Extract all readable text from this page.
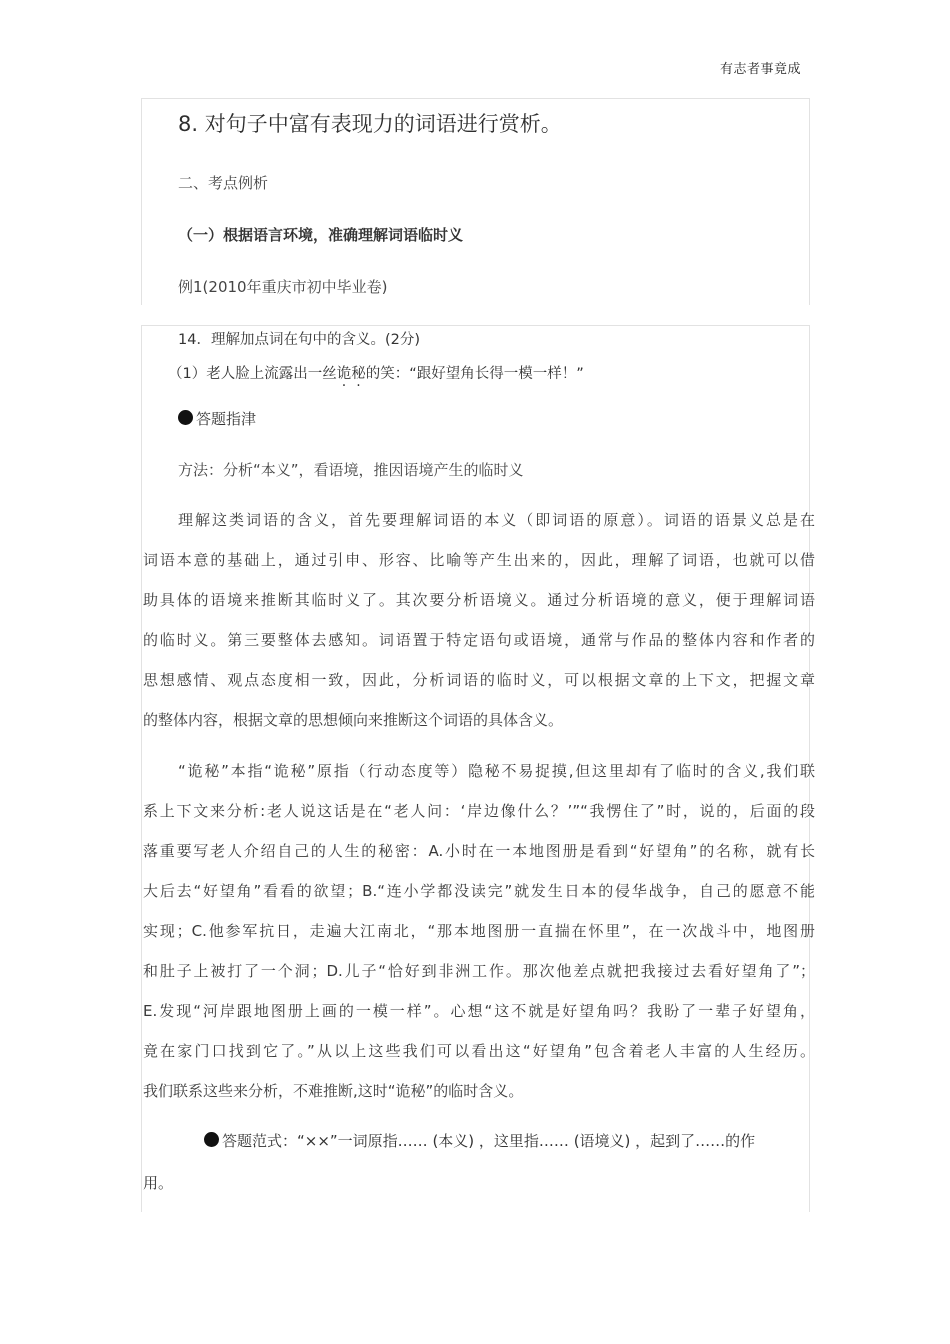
有志者事竟成
8. 对句子中富有表现力的词语进行赏析。
二、考点例析
（一）根据语言环境，准确理解词语临时义
例1(2010年重庆市初中毕业卷)
14．理解加点词在句中的含义。(2分)
（1）老人脸上流露出一丝诡秘的笑：“跟好望角长得一模一样！”
答题指津
方法：分析“本义”，看语境，推因语境产生的临时义
理解这类词语的含义，首先要理解词语的本义（即词语的原意）。词语的语景义总是在
词语本意的基础上，通过引申、形容、比喻等产生出来的，因此，理解了词语，也就可以借
助具体的语境来推断其临时义了。其次要分析语境义。通过分析语境的意义，便于理解词语
的临时义。第三要整体去感知。词语置于特定语句或语境，通常与作品的整体内容和作者的
思想感情、观点态度相一致，因此，分析词语的临时义，可以根据文章的上下文，把握文章
的整体内容，根据文章的思想倾向来推断这个词语的具体含义。
“诡秘”本指“诡秘”原指（行动态度等）隐秘不易捉摸,但这里却有了临时的含义,我们联
系上下文来分析:老人说这话是在“老人问：‘岸边像什么？’”“我愣住了”时，说的，后面的段
落重要写老人介绍自己的人生的秘密：A.小时在一本地图册是看到“好望角”的名称，就有长
大后去“好望角”看看的欲望；B.“连小学都没读完”就发生日本的侵华战争，自己的愿意不能
实现；C.他参军抗日，走遍大江南北，“那本地图册一直揣在怀里”，在一次战斗中，地图册
和肚子上被打了一个洞；D.儿子“恰好到非洲工作。那次他差点就把我接过去看好望角了”；
E.发现“河岸跟地图册上画的一模一样”。心想“这不就是好望角吗？我盼了一辈子好望角，
竟在家门口找到它了。”从以上这些我们可以看出这“好望角”包含着老人丰富的人生经历。
我们联系这些来分析，不难推断,这时“诡秘”的临时含义。
答题范式：“××”一词原指…… (本义) ，这里指…… (语境义) ，起到了……的作
用。
